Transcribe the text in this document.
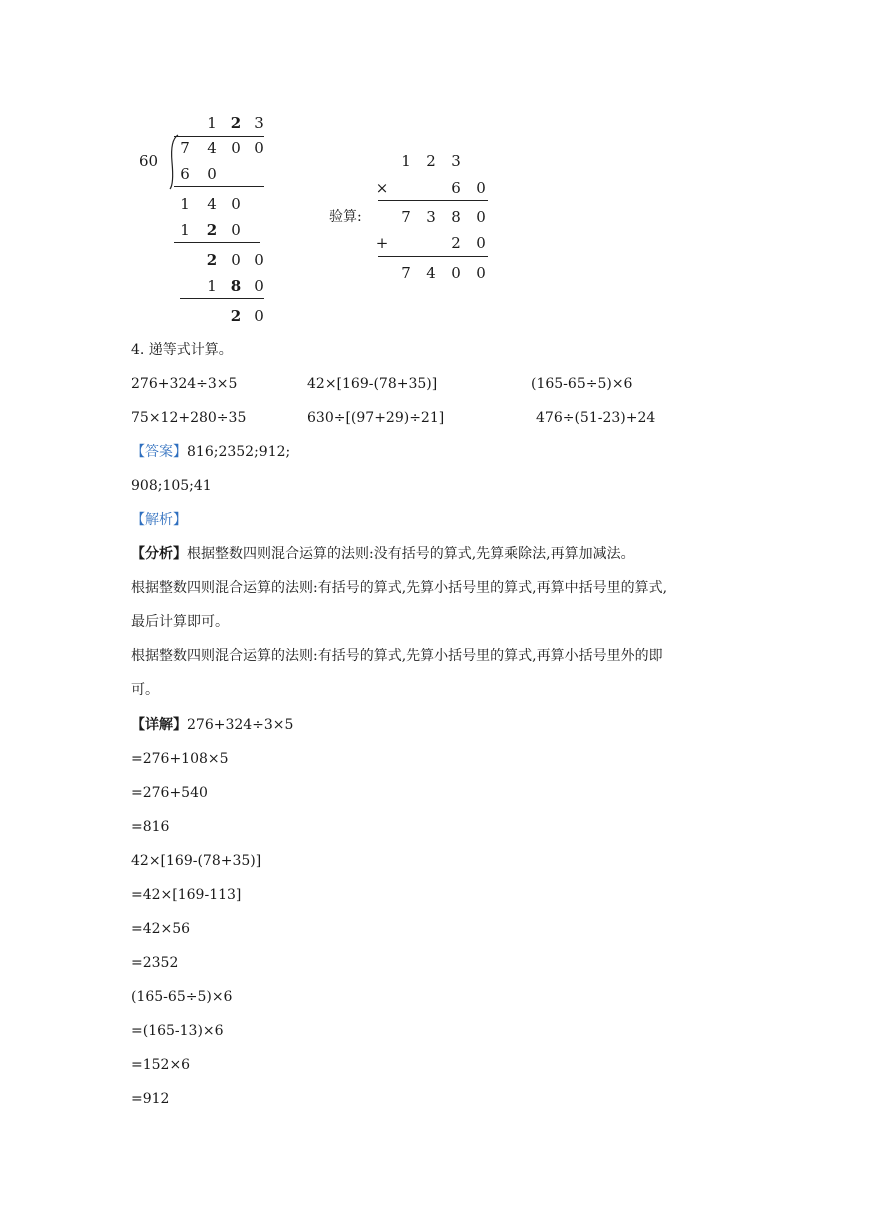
60
1 2 3
7 4 0 0
6 0
1 4 0
1 2 0
2 0 0
1 8 0
2 0
验算:
1 2 3
×	6 0
7 3 8 0
+	2 0
7 4 0 0
4. 递等式计算。
276+324÷3×5	42×[169-(78+35)]	(165-65÷5)×6
75×12+280÷35	630÷[(97+29)÷21]	476÷(51-23)+24
【答案】816;2352;912;
908;105;41
【解析】
【分析】根据整数四则混合运算的法则:没有括号的算式,先算乘除法,再算加减法。
根据整数四则混合运算的法则:有括号的算式,先算小括号里的算式,再算中括号里的算式,
最后计算即可。
根据整数四则混合运算的法则:有括号的算式,先算小括号里的算式,再算小括号里外的即
可。
【详解】276+324÷3×5
=276+108×5
=276+540
=816
42×[169-(78+35)]
=42×[169-113]
=42×56
=2352
(165-65÷5)×6
=(165-13)×6
=152×6
=912
